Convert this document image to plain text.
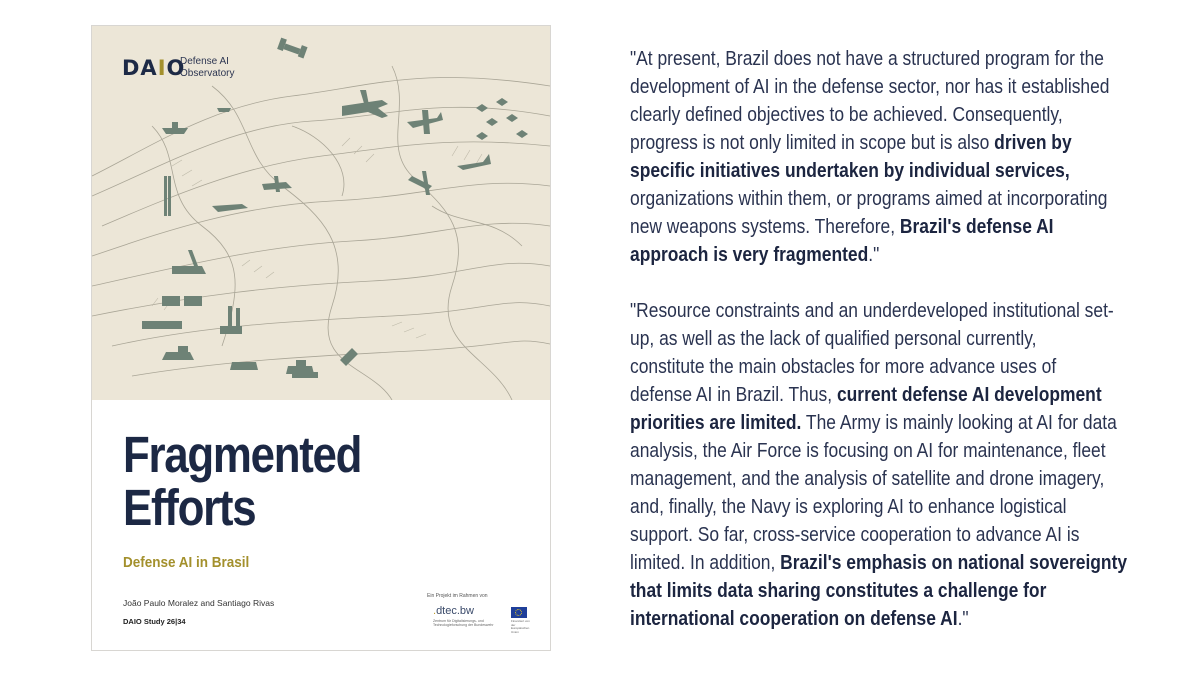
DAIO
Defense AI
Observatory
Fragmented
Efforts
Defense AI in Brasil
João Paulo Moralez and Santiago Rivas
DAIO Study 26|34
Ein Projekt im Rahmen von
.dtec.bw
Zentrum für Digitalisierungs- und Technologieforschung der Bundeswehr
Finanziert von der Europäischen Union

"At present, Brazil does not have a structured program for the
development of AI in the defense sector, nor has it established
clearly defined objectives to be achieved. Consequently,
progress is not only limited in scope but is also driven by
specific initiatives undertaken by individual services,
organizations within them, or programs aimed at incorporating
new weapons systems. Therefore, Brazil's defense AI
approach is very fragmented."

"Resource constraints and an underdeveloped institutional set-
up, as well as the lack of qualified personal currently,
constitute the main obstacles for more advance uses of
defense AI in Brazil. Thus, current defense AI development
priorities are limited. The Army is mainly looking at AI for data
analysis, the Air Force is focusing on AI for maintenance, fleet
management, and the analysis of satellite and drone imagery,
and, finally, the Navy is exploring AI to enhance logistical
support. So far, cross-service cooperation to advance AI is
limited. In addition, Brazil's emphasis on national sovereignty
that limits data sharing constitutes a challenge for
international cooperation on defense AI."
